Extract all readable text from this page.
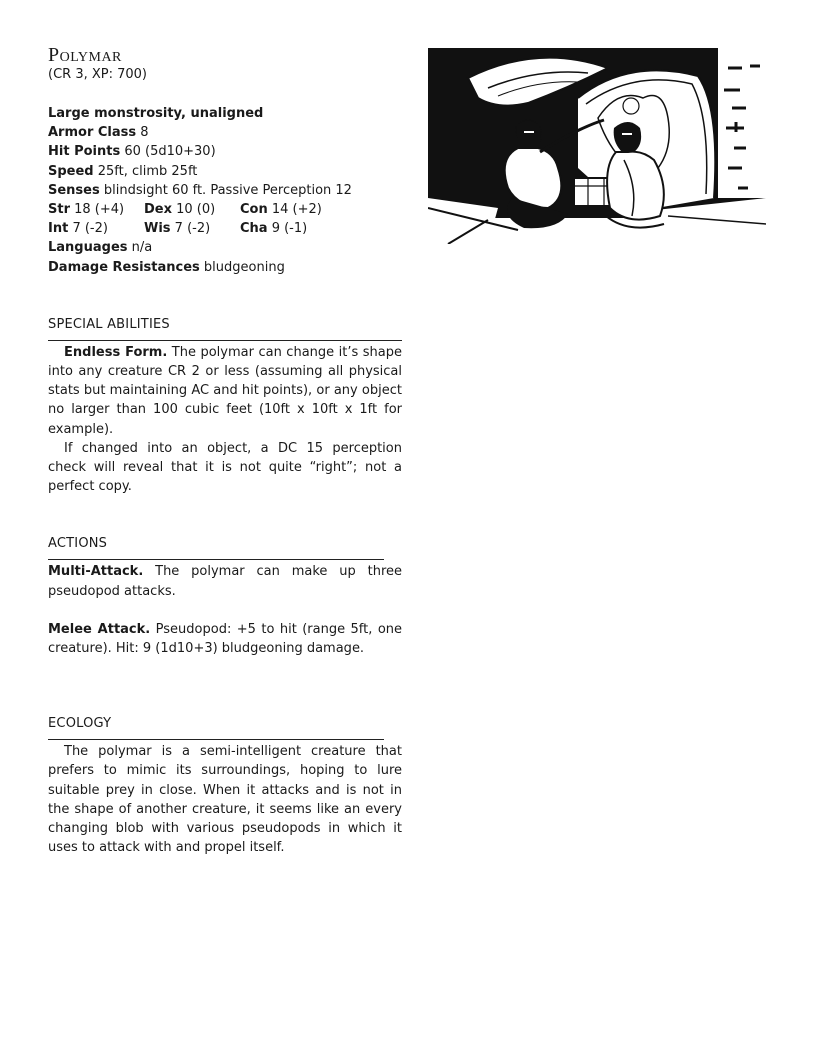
Polymar

(CR 3, XP: 700)

Large monstrosity, unaligned

Armor Class 8

Hit Points 60 (5d10+30)

Speed 25ft, climb 25ft

Senses blindsight 60 ft. Passive Perception 12

Str 18 (+4) Dex 10 (0) Con 14 (+2)

Int 7 (-2)	Wis 7 (-2) Cha 9 (-1)

Languages n/a

Damage Resistances bludgeoning

SPECIAL ABILITIES

Endless Form. The polymar can change it’s shape into any creature CR 2 or less (assuming all physical stats but maintaining AC and hit points), or any object no larger than 100 cubic feet (10ft x 10ft x 1ft for example).

If changed into an object, a DC 15 perception check will reveal that it is not quite “right”; not a perfect copy.

ACTIONS

Multi-Attack. The polymar can make up three pseudopod attacks.

Melee Attack. Pseudopod: +5 to hit (range 5ft, one creature). Hit: 9 (1d10+3) bludgeoning damage.

ECOLOGY

The polymar is a semi-intelligent creature that prefers to mimic its surroundings, hoping to lure suitable prey in close. When it attacks and is not in the shape of another creature, it seems like an every changing blob with various pseudopods in which it uses to attack with and propel itself.
